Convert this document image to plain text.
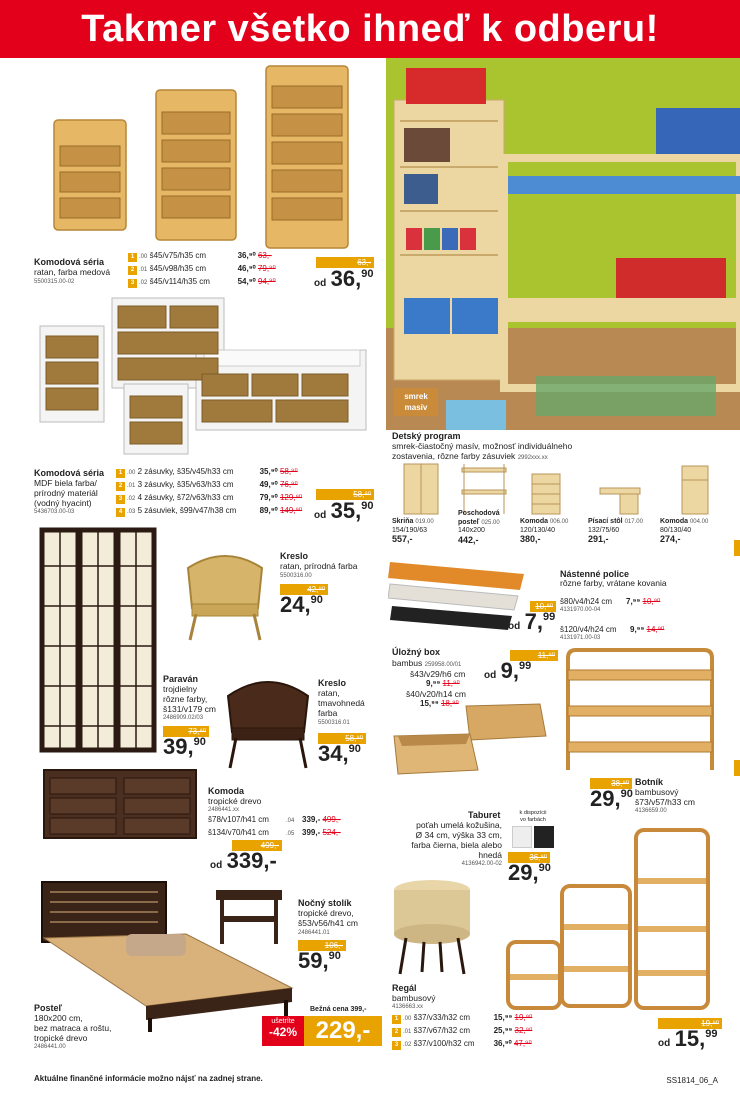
Takmer všetko ihneď k odberu!
Komodová séria
ratan, farba medová
5500315.00-02
1 .00 š45/v75/h35 cm	36,⁹⁰ 63,-
2 .01 š45/v98/h35 cm	46,⁹⁰ 79,⁹⁰
3 .02 š45/v114/h35 cm	54,⁹⁰ 94,⁹⁰
63,-
od 36,90
Komodová séria
MDF biela farba/
prírodný materiál
(vodný hyacint)
5436703.00-03
1 .00 2 zásuvky, š35/v45/h33 cm	35,⁹⁰ 58,⁹⁰
2 .01 3 zásuvky, š35/v63/h33 cm	49,⁹⁰ 76,⁹⁰
3 .02 4 zásuvky, š72/v63/h33 cm	79,⁹⁰ 129,⁹⁰
4 .03 5 zásuviek, š99/v47/h38 cm	89,⁹⁰ 149,⁹⁰
58,⁹⁰
od 35,90
smrek
masív
Detský program
smrek-čiastočný masív, možnosť individuálneho
zostavenia, rôzne farby zásuviek 2992xxx.xx
Skriňa 019.00
154/190/63
557,-
Poschodová posteľ 025.00
140x200
442,-
Komoda 006.00
120/130/40
380,-
Písací stôl 017.00
132/75/60
291,-
Komoda 004.00
80/130/40
274,-
Kreslo
ratan, prírodná farba
5500316.00
42,⁹⁰
24,90
Paraván
trojdielny
rôzne farby,
š131/v179 cm
2486909.02/03
73,⁹⁰
39,90
Kreslo
ratan,
tmavohnedá
farba
5500316.01
58,⁹⁰
34,90
Komoda
tropické drevo
2486441.xx
š78/v107/h41 cm	.04 339,- 499,-
š134/v70/h41 cm	.05 399,- 524,-
499,-
od 339,-
Nočný stolík
tropické drevo,
š53/v56/h41 cm
2486441.01
106,-
59,90
Posteľ
180x200 cm,
bez matraca a roštu,
tropické drevo
2486441.00
Bežná cena 399,-
ušetríte
-42% 229,-
Nástenné police
rôzne farby, vrátane kovania
š80/v4/h24 cm 7,⁹⁹ 10,⁹⁰
4131970.00-04
š120/v4/h24 cm 9,⁹⁹ 14,⁹⁰
4131971.00-03
10,⁹⁰
od 7,99
Úložný box
bambus 259958.00/01
š43/v29/h6 cm
9,⁹⁹ 11,⁹⁰
š40/v20/h14 cm
15,⁹⁹ 18,⁹⁰
11,⁹⁰
od 9,99
38,⁹⁰
29,90
Botník
bambusový
š73/v57/h33 cm
4136659.00
Taburet
poťah umelá kožušina,
Ø 34 cm, výška 33 cm,
farba čierna, biela alebo
hnedá
4136942.00-02
k dispozícii
vo farbách
36,⁹⁰
29,90
Regál
bambusový
4136663.xx
1 .00 š37/v33/h32 cm	15,⁹⁹ 19,⁹⁰
2 .01 š37/v67/h32 cm	25,⁹⁹ 32,⁹⁰
3 .02 š37/v100/h32 cm 36,⁹⁰ 47,⁹⁰
19,⁹⁰
od 15,99
Aktuálne finančné informácie možno nájsť na zadnej strane.	SS1814_06_A
